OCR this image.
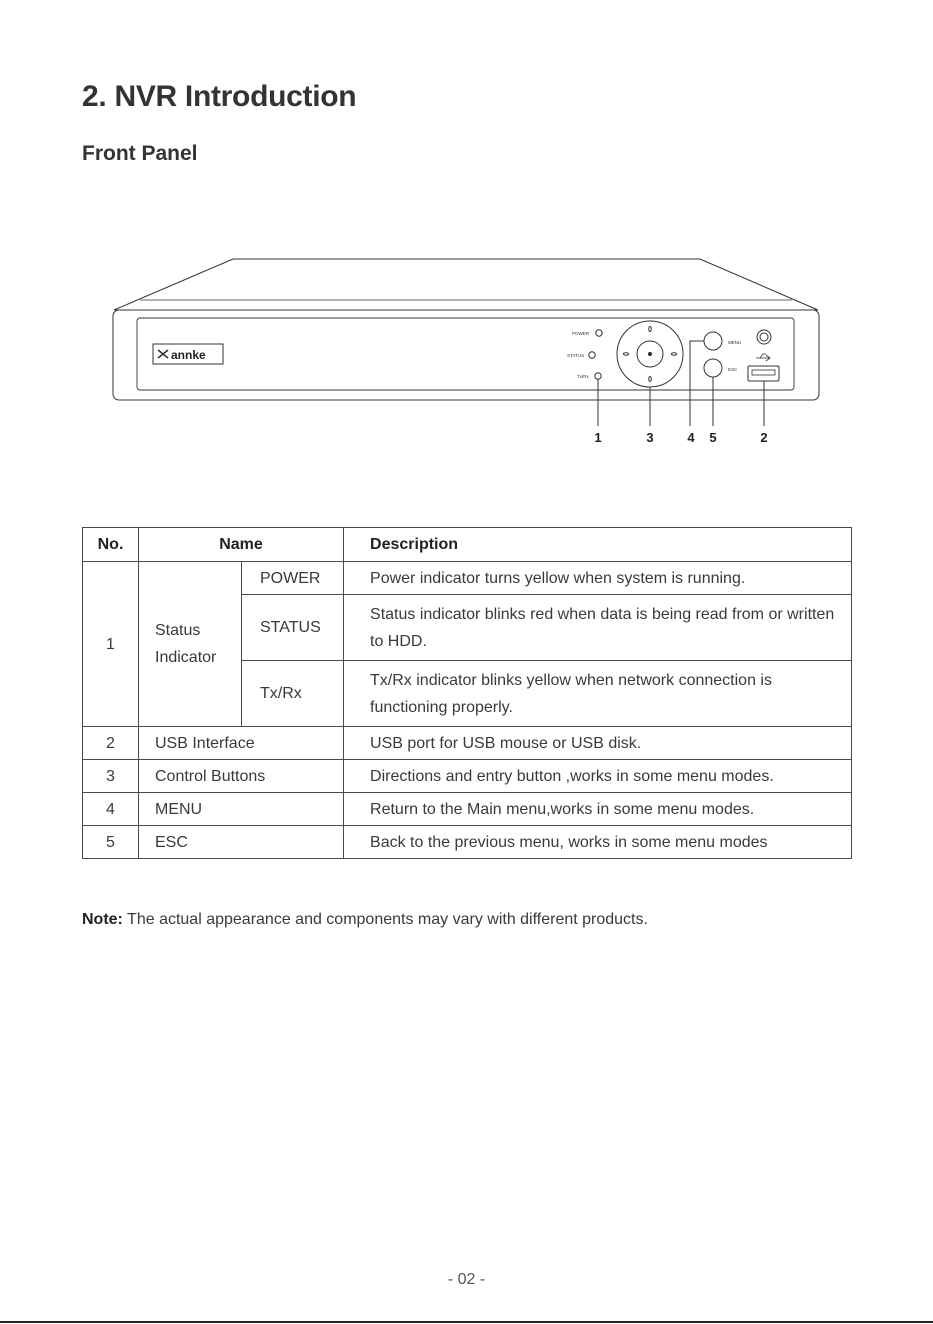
2. NVR Introduction
Front Panel
annke
POWER
STATUS
Tx/Rx
MENU
ESC
1	3	4 5	2
No.	Name		Description
1	Status Indicator	POWER	Power indicator turns yellow when system is running.
		STATUS	Status indicator blinks red when data is being read from or written to HDD.
		Tx/Rx	Tx/Rx indicator blinks yellow when network connection is functioning properly.
2	USB Interface		USB port for USB mouse or USB disk.
3	Control Buttons		Directions and entry button ,works in some menu modes.
4	MENU		Return to the Main menu,works in some menu modes.
5	ESC		Back to the previous menu, works in some menu modes
Note: The actual appearance and components may vary with different products.
- 02 -
